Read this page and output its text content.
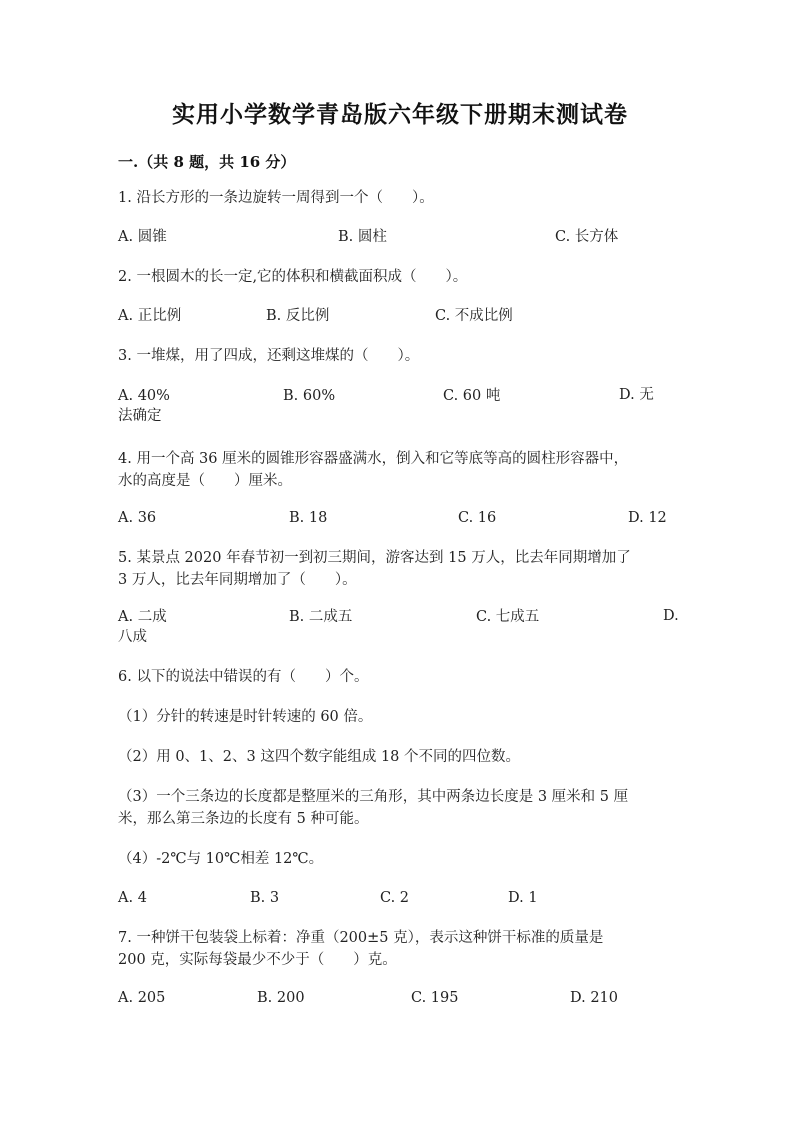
实用小学数学青岛版六年级下册期末测试卷
一.（共 8 题，共 16 分）
1. 沿长方形的一条边旋转一周得到一个（　　）。
A. 圆锥	B. 圆柱	C. 长方体
2. 一根圆木的长一定,它的体积和横截面积成（　　）。
A. 正比例	B. 反比例	C. 不成比例
3. 一堆煤，用了四成，还剩这堆煤的（　　）。
A. 40%	B. 60%	C. 60 吨	D. 无法确定
4. 用一个高 36 厘米的圆锥形容器盛满水，倒入和它等底等高的圆柱形容器中，
水的高度是（　　）厘米。
A. 36	B. 18	C. 16	D. 12
5. 某景点 2020 年春节初一到初三期间，游客达到 15 万人，比去年同期增加了
3 万人，比去年同期增加了（　　）。
A. 二成	B. 二成五	C. 七成五	D. 八成
6. 以下的说法中错误的有（　　）个。
（1）分针的转速是时针转速的 60 倍。
（2）用 0、1、2、3 这四个数字能组成 18 个不同的四位数。
（3）一个三条边的长度都是整厘米的三角形，其中两条边长度是 3 厘米和 5 厘
米，那么第三条边的长度有 5 种可能。
（4）-2℃与 10℃相差 12℃。
A. 4	B. 3	C. 2	D. 1
7. 一种饼干包装袋上标着：净重（200±5 克），表示这种饼干标准的质量是
200 克，实际每袋最少不少于（　　）克。
A. 205	B. 200	C. 195	D. 210
